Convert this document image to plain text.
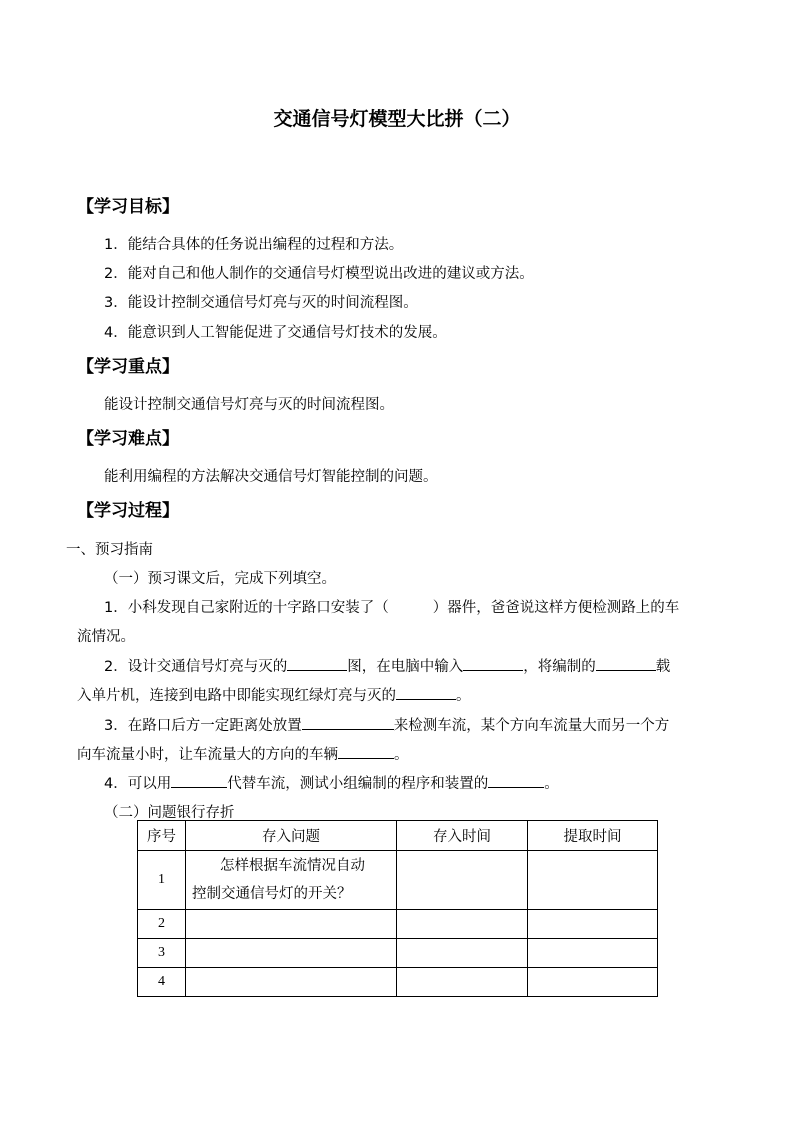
交通信号灯模型大比拼（二）
【学习目标】
1．能结合具体的任务说出编程的过程和方法。
2．能对自己和他人制作的交通信号灯模型说出改进的建议或方法。
3．能设计控制交通信号灯亮与灭的时间流程图。
4．能意识到人工智能促进了交通信号灯技术的发展。
【学习重点】
能设计控制交通信号灯亮与灭的时间流程图。
【学习难点】
能利用编程的方法解决交通信号灯智能控制的问题。
【学习过程】
一、预习指南
（一）预习课文后，完成下列填空。
1．小科发现自己家附近的十字路口安装了（	）器件，爸爸说这样方便检测路上的车
流情况。
2．设计交通信号灯亮与灭的	图，在电脑中输入	，将编制的	载
入单片机，连接到电路中即能实现红绿灯亮与灭的	。
3．在路口后方一定距离处放置	来检测车流，某个方向车流量大而另一个方
向车流量小时，让车流量大的方向的车辆	。
4．可以用	代替车流，测试小组编制的程序和装置的	。
（二）问题银行存折
序号	存入问题	存入时间	提取时间
1	怎样根据车流情况自动
控制交通信号灯的开关？		

2			
3			
4			
